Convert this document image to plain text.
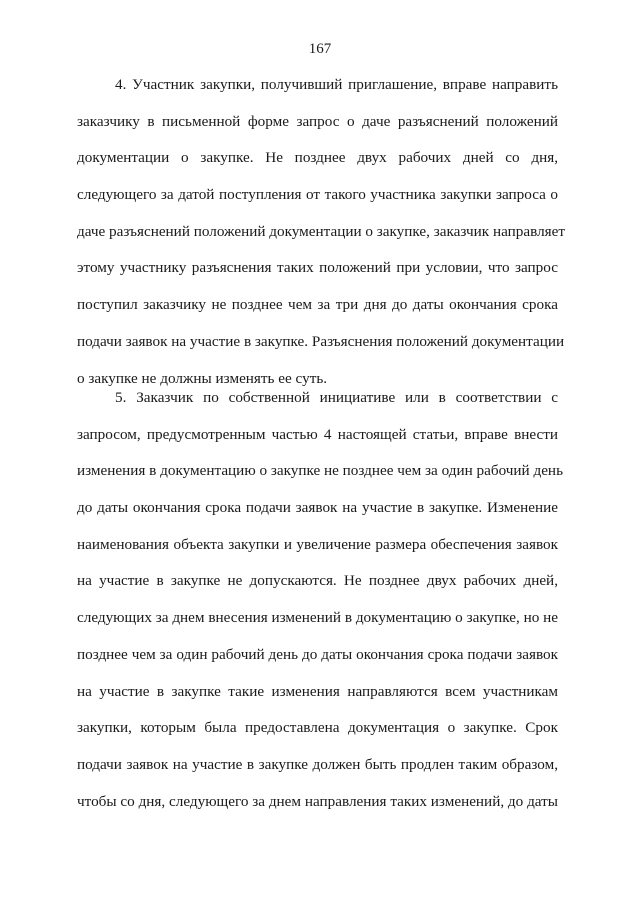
167
4. Участник закупки, получивший приглашение, вправе направить
заказчику в письменной форме запрос о даче разъяснений положений
документации о закупке. Не позднее двух рабочих дней со дня,
следующего за датой поступления от такого участника закупки запроса о
даче разъяснений положений документации о закупке, заказчик направляет
этому участнику разъяснения таких положений при условии, что запрос
поступил заказчику не позднее чем за три дня до даты окончания срока
подачи заявок на участие в закупке. Разъяснения положений документации
о закупке не должны изменять ее суть.
5. Заказчик по собственной инициативе или в соответствии с
запросом, предусмотренным частью 4 настоящей статьи, вправе внести
изменения в документацию о закупке не позднее чем за один рабочий день
до даты окончания срока подачи заявок на участие в закупке. Изменение
наименования объекта закупки и увеличение размера обеспечения заявок
на участие в закупке не допускаются. Не позднее двух рабочих дней,
следующих за днем внесения изменений в документацию о закупке, но не
позднее чем за один рабочий день до даты окончания срока подачи заявок
на участие в закупке такие изменения направляются всем участникам
закупки, которым была предоставлена документация о закупке. Срок
подачи заявок на участие в закупке должен быть продлен таким образом,
чтобы со дня, следующего за днем направления таких изменений, до даты
